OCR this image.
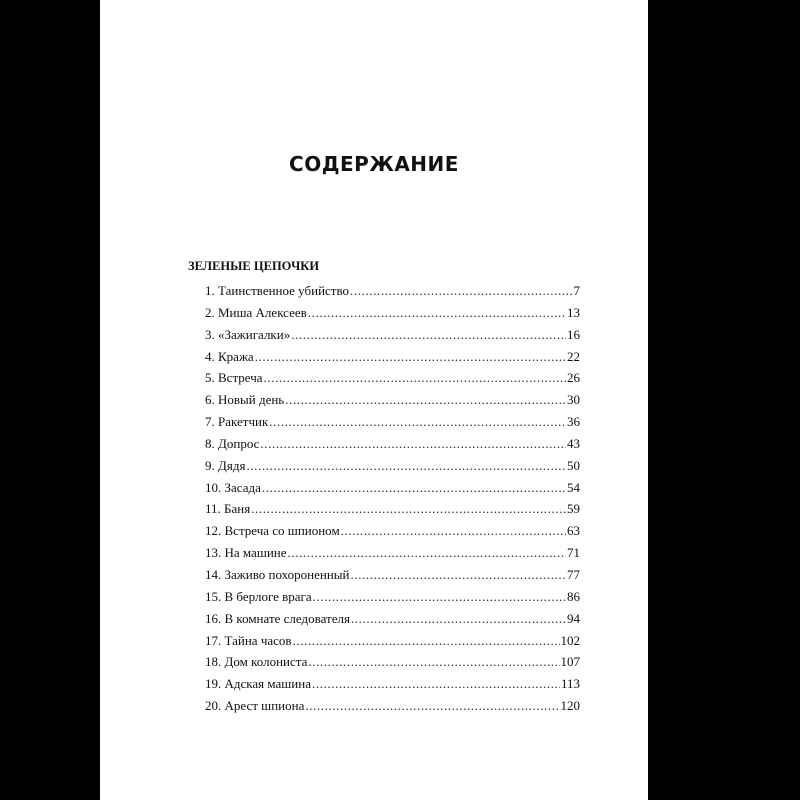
СОДЕРЖАНИЕ
ЗЕЛЕНЫЕ ЦЕПОЧКИ
1. Таинственное убийство .....	7
2. Миша Алексеев .....	13
3. «Зажигалки» .....	16
4. Кража .....	22
5. Встреча .....	26
6. Новый день .....	30
7. Ракетчик .....	36
8. Допрос .....	43
9. Дядя .....	50
10. Засада .....	54
11. Баня .....	59
12. Встреча со шпионом .....	63
13. На машине .....	71
14. Заживо похороненный .....	77
15. В берлоге врага .....	86
16. В комнате следователя .....	94
17. Тайна часов .....	102
18. Дом колониста .....	107
19. Адская машина .....	113
20. Арест шпиона .....	120
